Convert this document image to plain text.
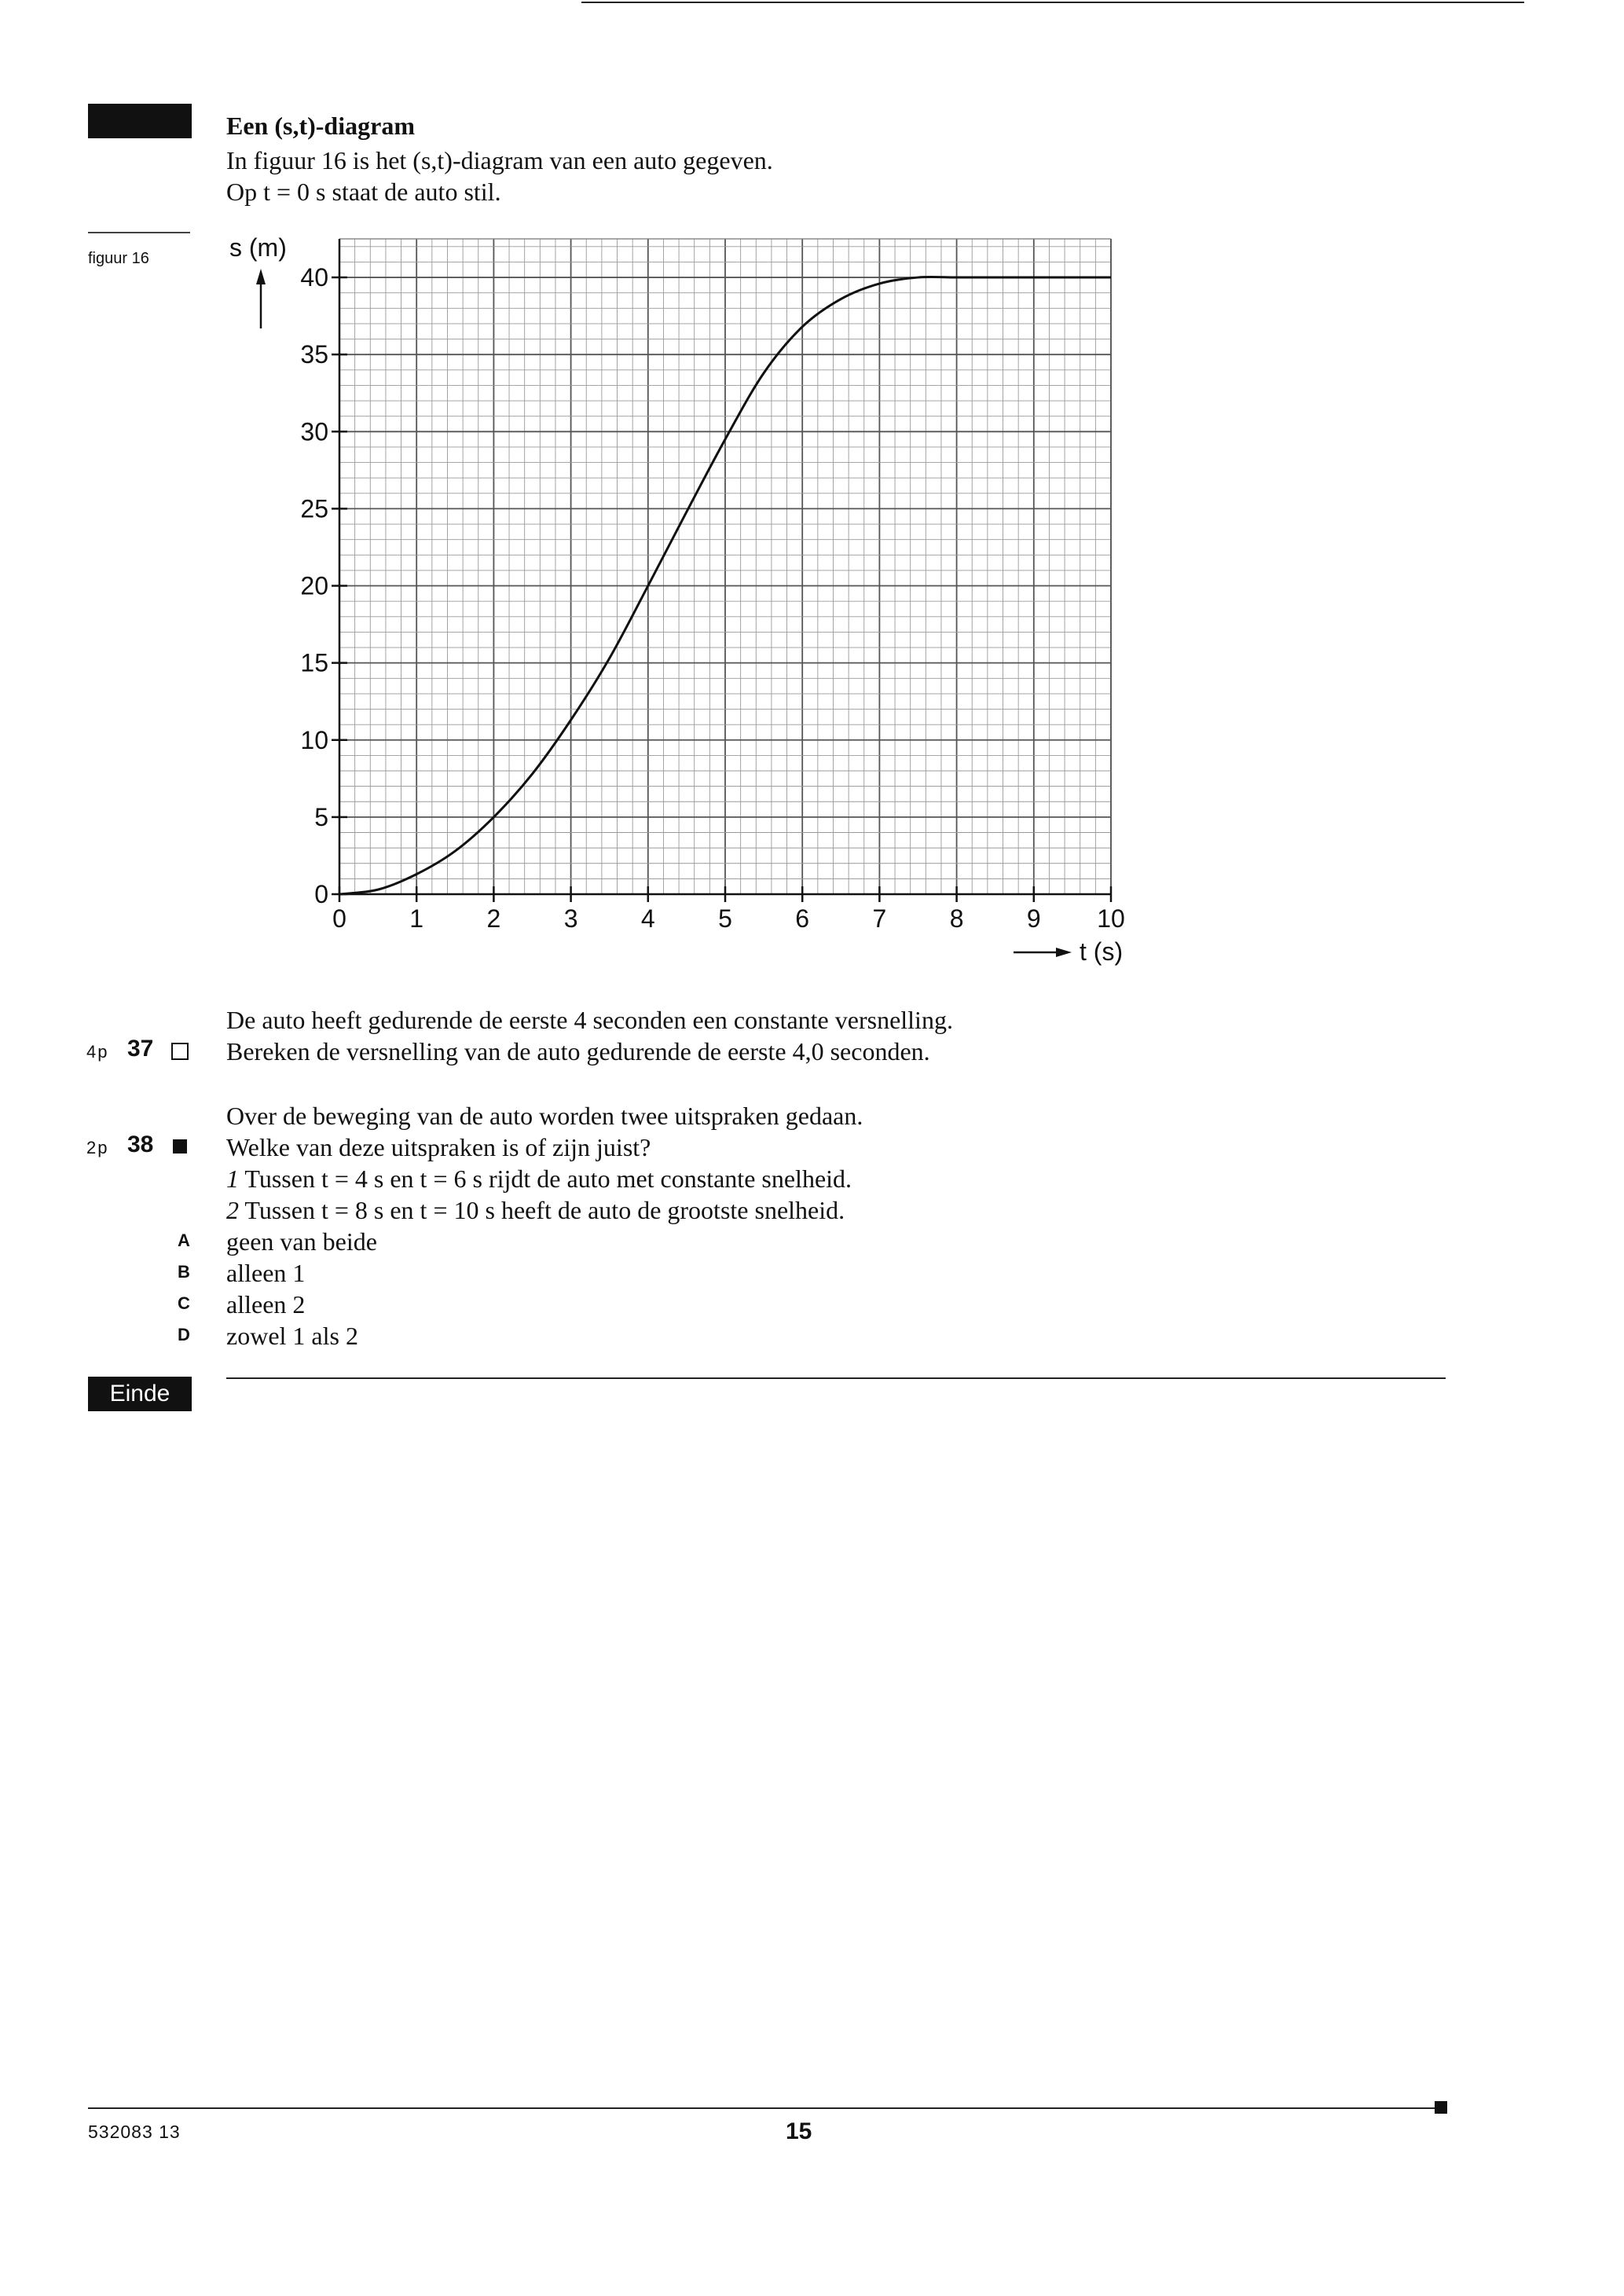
Een (s,t)-diagram
In figuur 16 is het (s,t)-diagram van een auto gegeven.
Op t = 0 s staat de auto stil.
figuur 16
0	1	2	3	4	5	6	7	8	9 10
0
5
10
15
20
25
30
35
40
s (m)
t (s)
De auto heeft gedurende de eerste 4 seconden een constante versnelling.
4p 37	Bereken de versnelling van de auto gedurende de eerste 4,0 seconden.
Over de beweging van de auto worden twee uitspraken gedaan.
2p 38	Welke van deze uitspraken is of zijn juist?
1 Tussen t = 4 s en t = 6 s rijdt de auto met constante snelheid.
2 Tussen t = 8 s en t = 10 s heeft de auto de grootste snelheid.
A geen van beide
B alleen 1
C alleen 2
D zowel 1 als 2
Einde
532083 13	15
